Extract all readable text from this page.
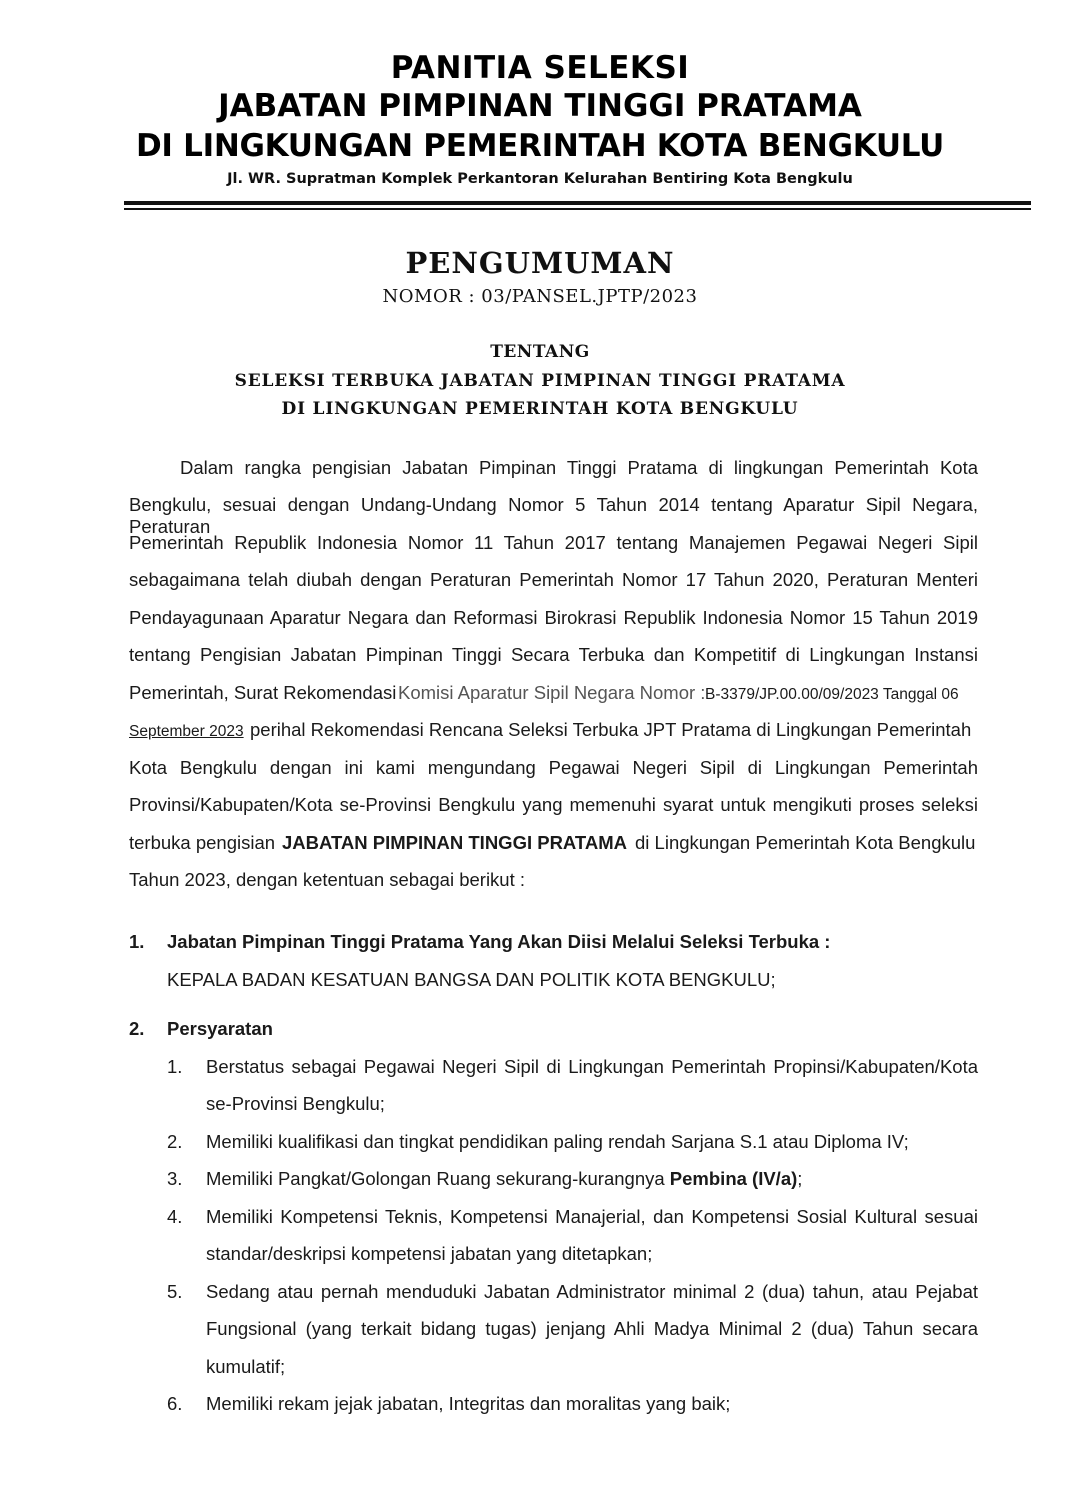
PANITIA SELEKSI
JABATAN PIMPINAN TINGGI PRATAMA
DI LINGKUNGAN PEMERINTAH KOTA BENGKULU
Jl. WR. Supratman Komplek Perkantoran Kelurahan Bentiring Kota Bengkulu
PENGUMUMAN
NOMOR : 03/PANSEL.JPTP/2023
TENTANG
SELEKSI TERBUKA JABATAN PIMPINAN TINGGI PRATAMA
DI LINGKUNGAN PEMERINTAH KOTA BENGKULU
Dalam rangka pengisian Jabatan Pimpinan Tinggi Pratama di lingkungan Pemerintah Kota
Bengkulu, sesuai dengan Undang-Undang Nomor 5 Tahun 2014 tentang Aparatur Sipil Negara, Peraturan
Pemerintah Republik Indonesia Nomor 11 Tahun 2017 tentang Manajemen Pegawai Negeri Sipil
sebagaimana telah diubah dengan Peraturan Pemerintah Nomor 17 Tahun 2020, Peraturan Menteri
Pendayagunaan Aparatur Negara dan Reformasi Birokrasi Republik Indonesia Nomor 15 Tahun 2019
tentang Pengisian Jabatan Pimpinan Tinggi Secara Terbuka dan Kompetitif di Lingkungan Instansi
Pemerintah, Surat Rekomendasi Komisi Aparatur Sipil Negara Nomor : B-3379/JP.00.00/09/2023 Tanggal 06
September 2023 perihal Rekomendasi Rencana Seleksi Terbuka JPT Pratama di Lingkungan Pemerintah
Kota Bengkulu dengan ini kami mengundang Pegawai Negeri Sipil di Lingkungan Pemerintah
Provinsi/Kabupaten/Kota se-Provinsi Bengkulu yang memenuhi syarat untuk mengikuti proses seleksi
terbuka pengisian JABATAN PIMPINAN TINGGI PRATAMA di Lingkungan Pemerintah Kota Bengkulu
Tahun 2023, dengan ketentuan sebagai berikut :
1. Jabatan Pimpinan Tinggi Pratama Yang Akan Diisi Melalui Seleksi Terbuka :
KEPALA BADAN KESATUAN BANGSA DAN POLITIK KOTA BENGKULU;
2. Persyaratan
1. Berstatus sebagai Pegawai Negeri Sipil di Lingkungan Pemerintah Propinsi/Kabupaten/Kota
se-Provinsi Bengkulu;
2. Memiliki kualifikasi dan tingkat pendidikan paling rendah Sarjana S.1 atau Diploma IV;
3. Memiliki Pangkat/Golongan Ruang sekurang-kurangnya Pembina (IV/a);
4. Memiliki Kompetensi Teknis, Kompetensi Manajerial, dan Kompetensi Sosial Kultural sesuai
standar/deskripsi kompetensi jabatan yang ditetapkan;
5. Sedang atau pernah menduduki Jabatan Administrator minimal 2 (dua) tahun, atau Pejabat
Fungsional (yang terkait bidang tugas) jenjang Ahli Madya Minimal 2 (dua) Tahun secara
kumulatif;
6. Memiliki rekam jejak jabatan, Integritas dan moralitas yang baik;
